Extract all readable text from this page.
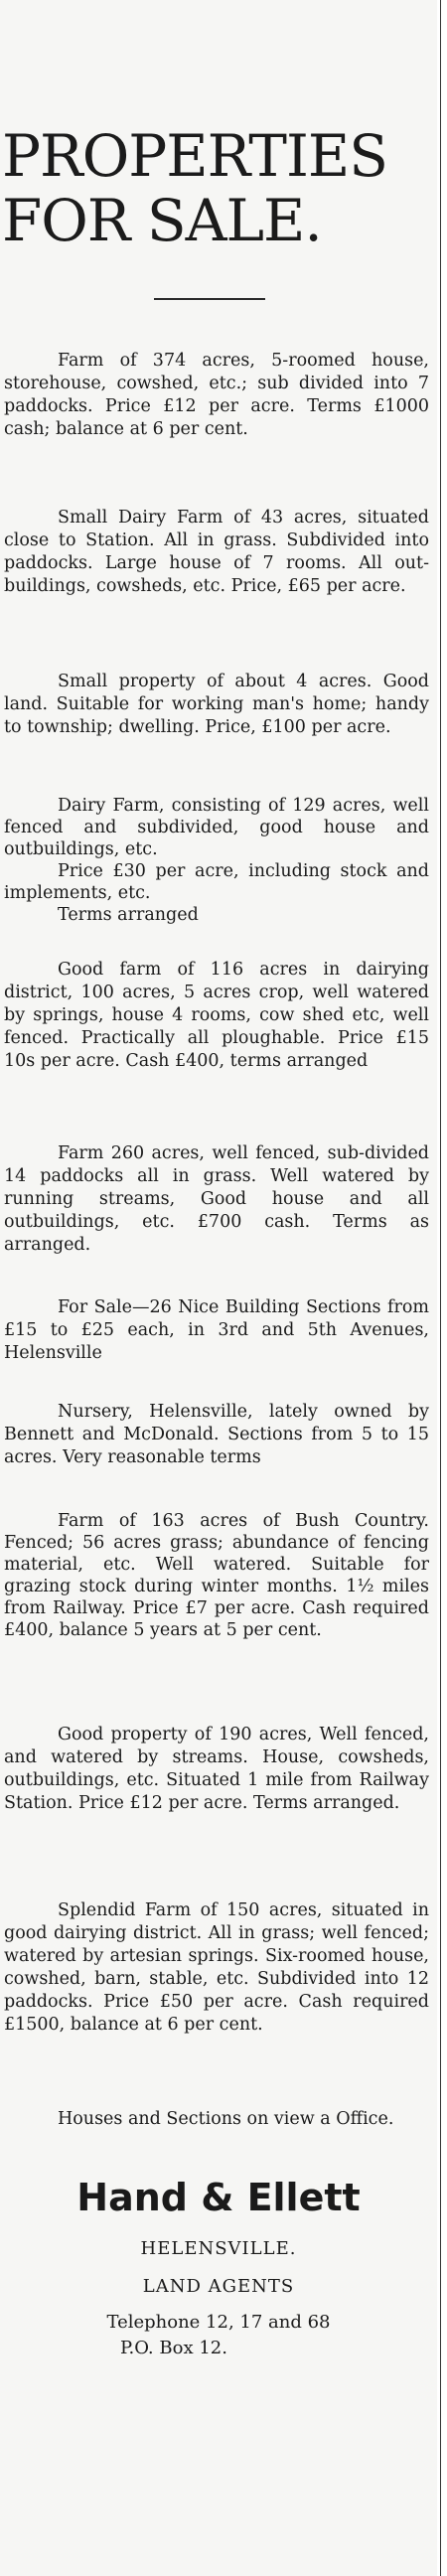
PROPERTIES
FOR SALE.

Farm of 374 acres, 5-roomed house, storehouse, cowshed, etc.; sub divided into 7 paddocks. Price £12 per acre. Terms £1000 cash; balance at 6 per cent.

Small Dairy Farm of 43 acres, situated close to Station. All in grass. Subdivided into paddocks. Large house of 7 rooms. All out-buildings, cowsheds, etc. Price, £65 per acre.

Small property of about 4 acres. Good land. Suitable for working man's home; handy to township; dwelling. Price, £100 per acre.

Dairy Farm, consisting of 129 acres, well fenced and subdivided, good house and outbuildings, etc.

Price £30 per acre, including stock and implements, etc.

Terms arranged

Good farm of 116 acres in dairying district, 100 acres, 5 acres crop, well watered by springs, house 4 rooms, cow shed etc, well fenced. Practically all ploughable. Price £15 10s per acre. Cash £400, terms arranged

Farm 260 acres, well fenced, sub-divided 14 paddocks all in grass. Well watered by running streams, Good house and all outbuildings, etc. £700 cash. Terms as arranged.

For Sale—26 Nice Building Sections from £15 to £25 each, in 3rd and 5th Avenues, Helensville

Nursery, Helensville, lately owned by Bennett and McDonald. Sections from 5 to 15 acres. Very reasonable terms

Farm of 163 acres of Bush Country. Fenced; 56 acres grass; abundance of fencing material, etc. Well watered. Suitable for grazing stock during winter months. 1½ miles from Railway. Price £7 per acre. Cash required £400, balance 5 years at 5 per cent.

Good property of 190 acres, Well fenced, and watered by streams. House, cowsheds, outbuildings, etc. Situated 1 mile from Railway Station. Price £12 per acre. Terms arranged.

Splendid Farm of 150 acres, situated in good dairying district. All in grass; well fenced; watered by artesian springs. Six-roomed house, cowshed, barn, stable, etc. Subdivided into 12 paddocks. Price £50 per acre. Cash required £1500, balance at 6 per cent.

Houses and Sections on view a Office.

Hand & Ellett
HELENSVILLE.
LAND AGENTS
Telephone 12, 17 and 68
P.O. Box 12.
